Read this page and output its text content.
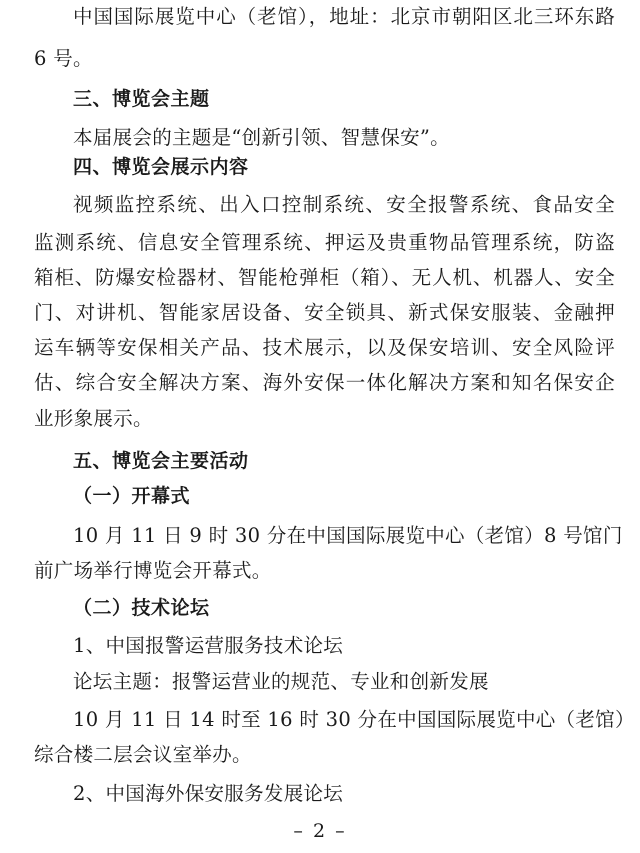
中国国际展览中心（老馆），地址：北京市朝阳区北三环东路
6 号。
三、博览会主题
本届展会的主题是“创新引领、智慧保安”。
四、博览会展示内容
视频监控系统、出入口控制系统、安全报警系统、食品安全
监测系统、信息安全管理系统、押运及贵重物品管理系统，防盗
箱柜、防爆安检器材、智能枪弹柜（箱）、无人机、机器人、安全
门、对讲机、智能家居设备、安全锁具、新式保安服装、金融押
运车辆等安保相关产品、技术展示，以及保安培训、安全风险评
估、综合安全解决方案、海外安保一体化解决方案和知名保安企
业形象展示。
五、博览会主要活动
（一）开幕式
10 月 11 日 9 时 30 分在中国国际展览中心（老馆）8 号馆门
前广场举行博览会开幕式。
（二）技术论坛
1、中国报警运营服务技术论坛
论坛主题：报警运营业的规范、专业和创新发展
10 月 11 日 14 时至 16 时 30 分在中国国际展览中心（老馆）
综合楼二层会议室举办。
2、中国海外保安服务发展论坛
– 2 –
